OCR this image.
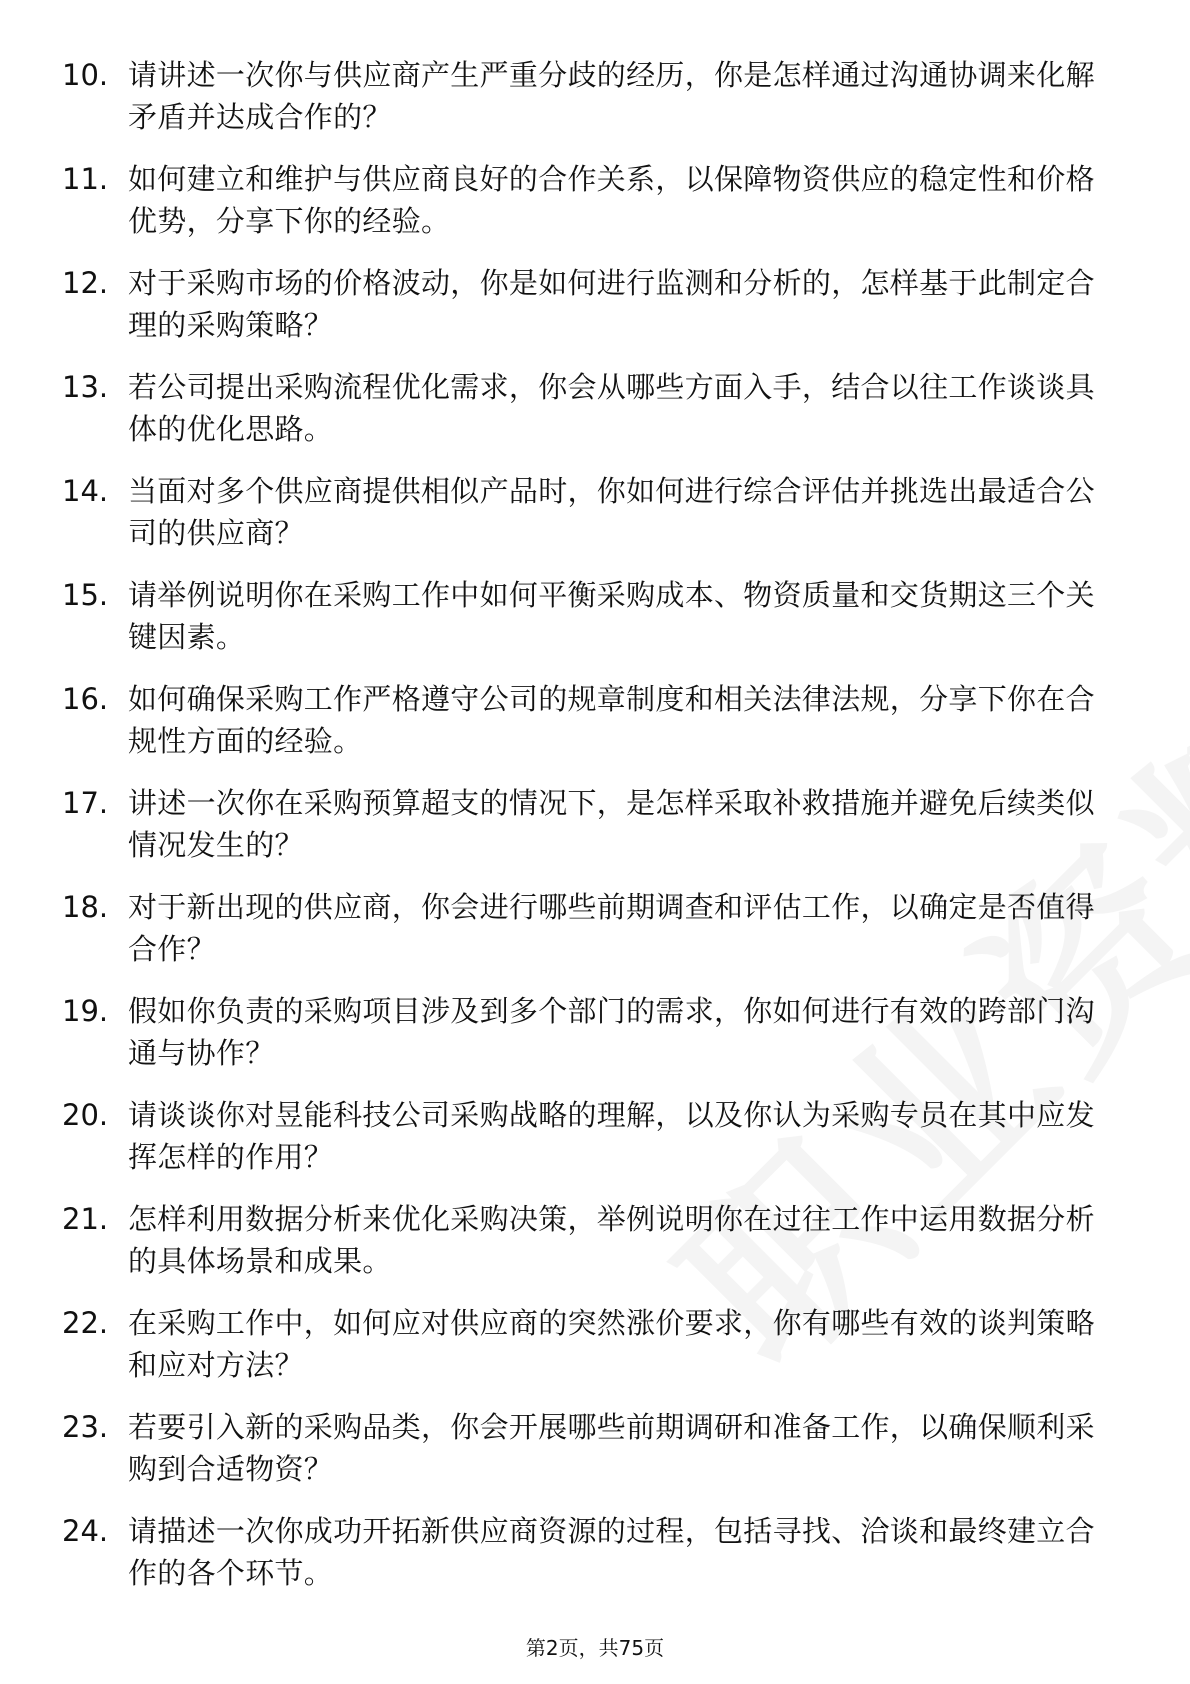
10. 请讲述一次你与供应商产生严重分歧的经历，你是怎样通过沟通协调来化解矛盾并达成合作的？
11. 如何建立和维护与供应商良好的合作关系，以保障物资供应的稳定性和价格优势，分享下你的经验。
12. 对于采购市场的价格波动，你是如何进行监测和分析的，怎样基于此制定合理的采购策略？
13. 若公司提出采购流程优化需求，你会从哪些方面入手，结合以往工作谈谈具体的优化思路。
14. 当面对多个供应商提供相似产品时，你如何进行综合评估并挑选出最适合公司的供应商？
15. 请举例说明你在采购工作中如何平衡采购成本、物资质量和交货期这三个关键因素。
16. 如何确保采购工作严格遵守公司的规章制度和相关法律法规，分享下你在合规性方面的经验。
17. 讲述一次你在采购预算超支的情况下，是怎样采取补救措施并避免后续类似情况发生的？
18. 对于新出现的供应商，你会进行哪些前期调查和评估工作，以确定是否值得合作？
19. 假如你负责的采购项目涉及到多个部门的需求，你如何进行有效的跨部门沟通与协作？
20. 请谈谈你对昱能科技公司采购战略的理解，以及你认为采购专员在其中应发挥怎样的作用？
21. 怎样利用数据分析来优化采购决策，举例说明你在过往工作中运用数据分析的具体场景和成果。
22. 在采购工作中，如何应对供应商的突然涨价要求，你有哪些有效的谈判策略和应对方法？
23. 若要引入新的采购品类，你会开展哪些前期调研和准备工作，以确保顺利采购到合适物资？
24. 请描述一次你成功开拓新供应商资源的过程，包括寻找、洽谈和最终建立合作的各个环节。
第2页，共75页
